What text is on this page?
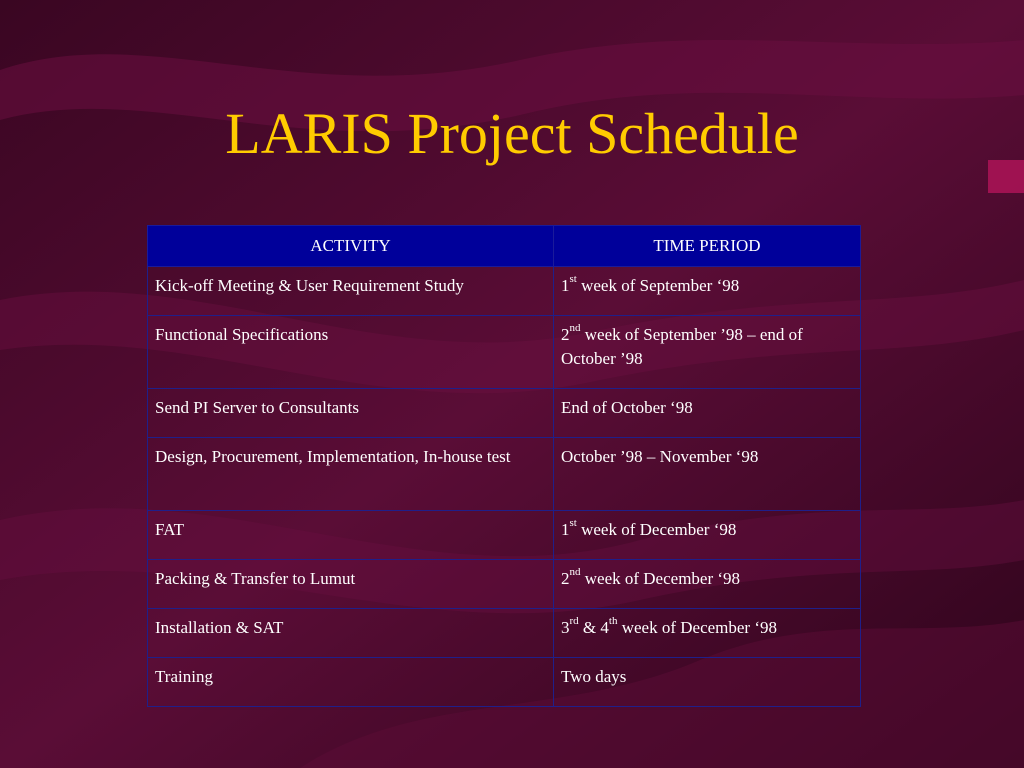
LARIS Project Schedule
ACTIVITY	TIME PERIOD
Kick-off Meeting & User Requirement Study	1st week of September ‘98
Functional Specifications	2nd week of September ’98 – end of October ’98
Send PI Server to Consultants	End of October ‘98
Design, Procurement, Implementation, In-house test	October ’98 – November ‘98
FAT	1st week of December ‘98
Packing & Transfer to Lumut	2nd week of December ‘98
Installation & SAT	3rd & 4th week of December ‘98
Training	Two days
